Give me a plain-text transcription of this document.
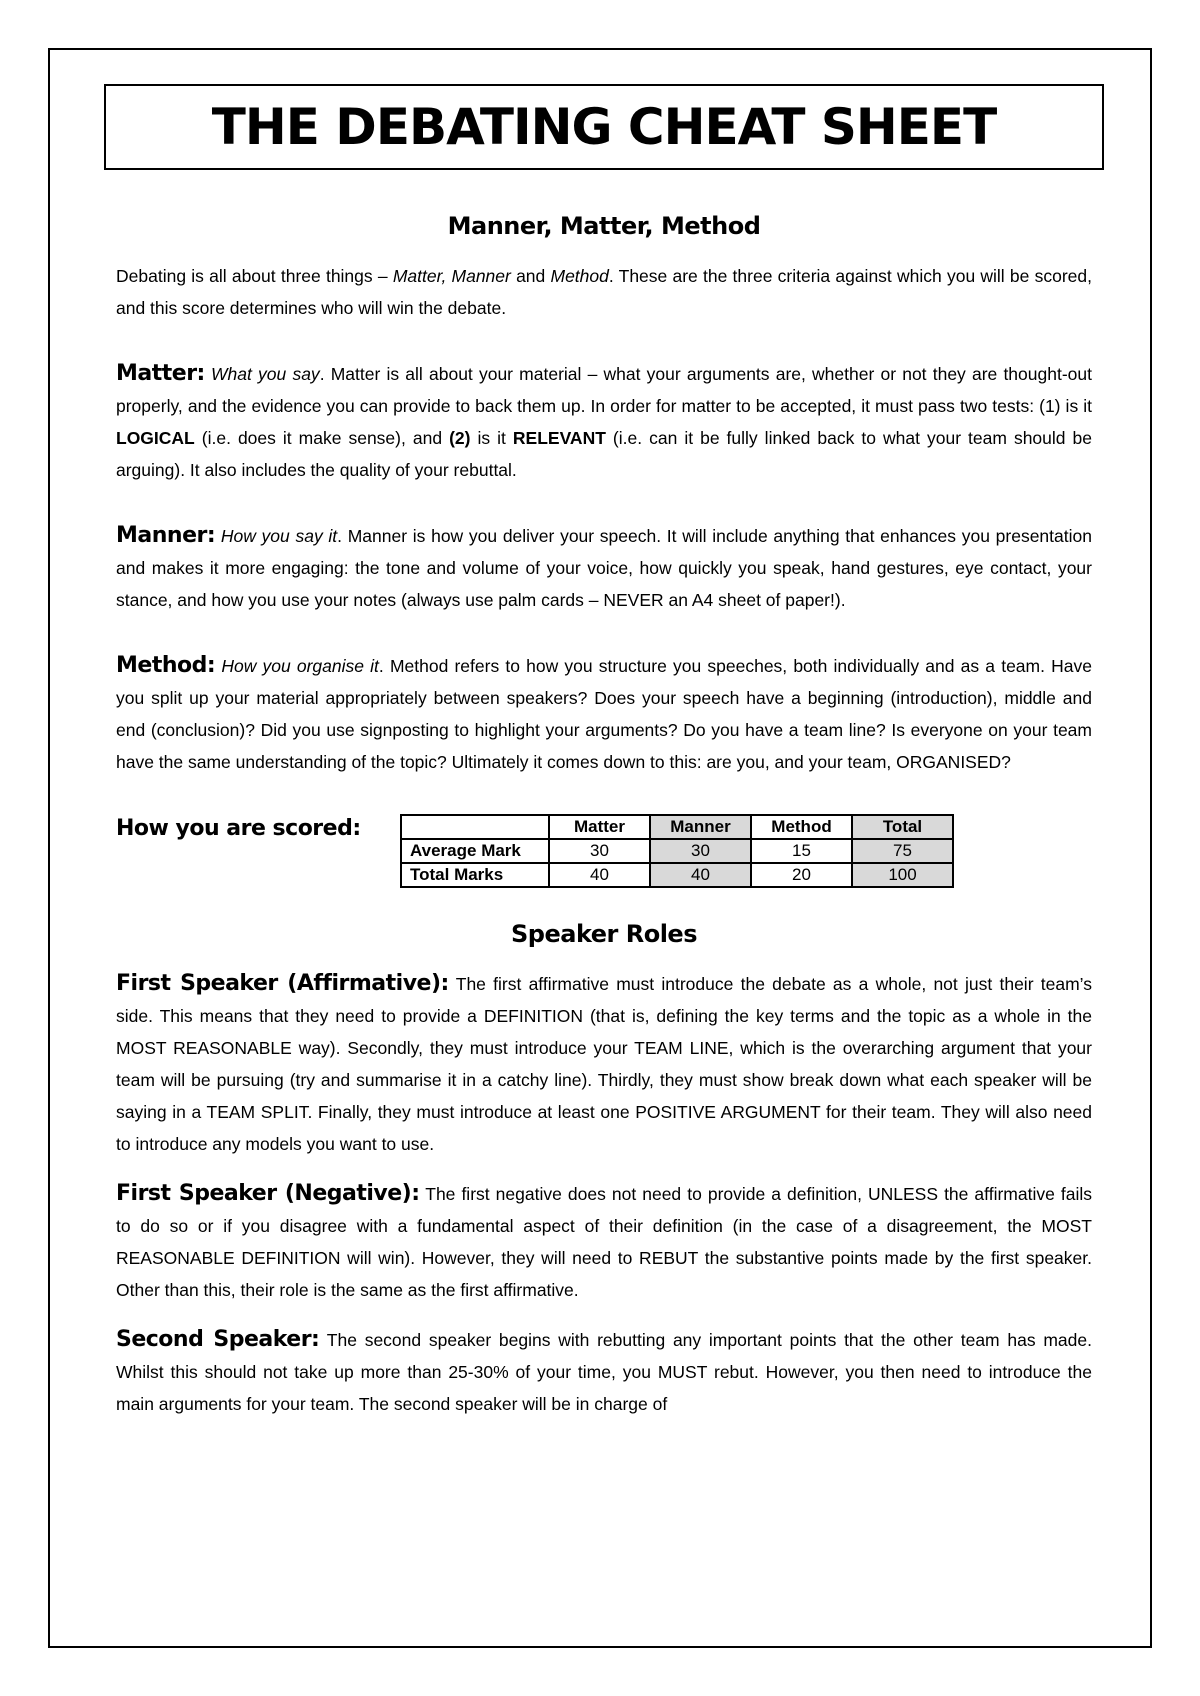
THE DEBATING CHEAT SHEET
Manner, Matter, Method

Debating is all about three things – Matter, Manner and Method. These are the three criteria against which you will be scored, and this score determines who will win the debate.

Matter: What you say. Matter is all about your material – what your arguments are, whether or not they are thought-out properly, and the evidence you can provide to back them up. In order for matter to be accepted, it must pass two tests: (1) is it LOGICAL (i.e. does it make sense), and (2) is it RELEVANT (i.e. can it be fully linked back to what your team should be arguing). It also includes the quality of your rebuttal.

Manner: How you say it. Manner is how you deliver your speech. It will include anything that enhances you presentation and makes it more engaging: the tone and volume of your voice, how quickly you speak, hand gestures, eye contact, your stance, and how you use your notes (always use palm cards – NEVER an A4 sheet of paper!).

Method: How you organise it. Method refers to how you structure you speeches, both individually and as a team. Have you split up your material appropriately between speakers? Does your speech have a beginning (introduction), middle and end (conclusion)? Did you use signposting to highlight your arguments? Do you have a team line? Is everyone on your team have the same understanding of the topic? Ultimately it comes down to this: are you, and your team, ORGANISED?

How you are scored:
		Matter	Manner	Method	Total
Average Mark	30	30	15	75
Total Marks	40	40	20	100
Speaker Roles

First Speaker (Affirmative): The first affirmative must introduce the debate as a whole, not just their team’s side. This means that they need to provide a DEFINITION (that is, defining the key terms and the topic as a whole in the MOST REASONABLE way). Secondly, they must introduce your TEAM LINE, which is the overarching argument that your team will be pursuing (try and summarise it in a catchy line). Thirdly, they must show break down what each speaker will be saying in a TEAM SPLIT. Finally, they must introduce at least one POSITIVE ARGUMENT for their team. They will also need to introduce any models you want to use.

First Speaker (Negative): The first negative does not need to provide a definition, UNLESS the affirmative fails to do so or if you disagree with a fundamental aspect of their definition (in the case of a disagreement, the MOST REASONABLE DEFINITION will win). However, they will need to REBUT the substantive points made by the first speaker. Other than this, their role is the same as the first affirmative.

Second Speaker: The second speaker begins with rebutting any important points that the other team has made. Whilst this should not take up more than 25-30% of your time, you MUST rebut. However, you then need to introduce the main arguments for your team. The second speaker will be in charge of
